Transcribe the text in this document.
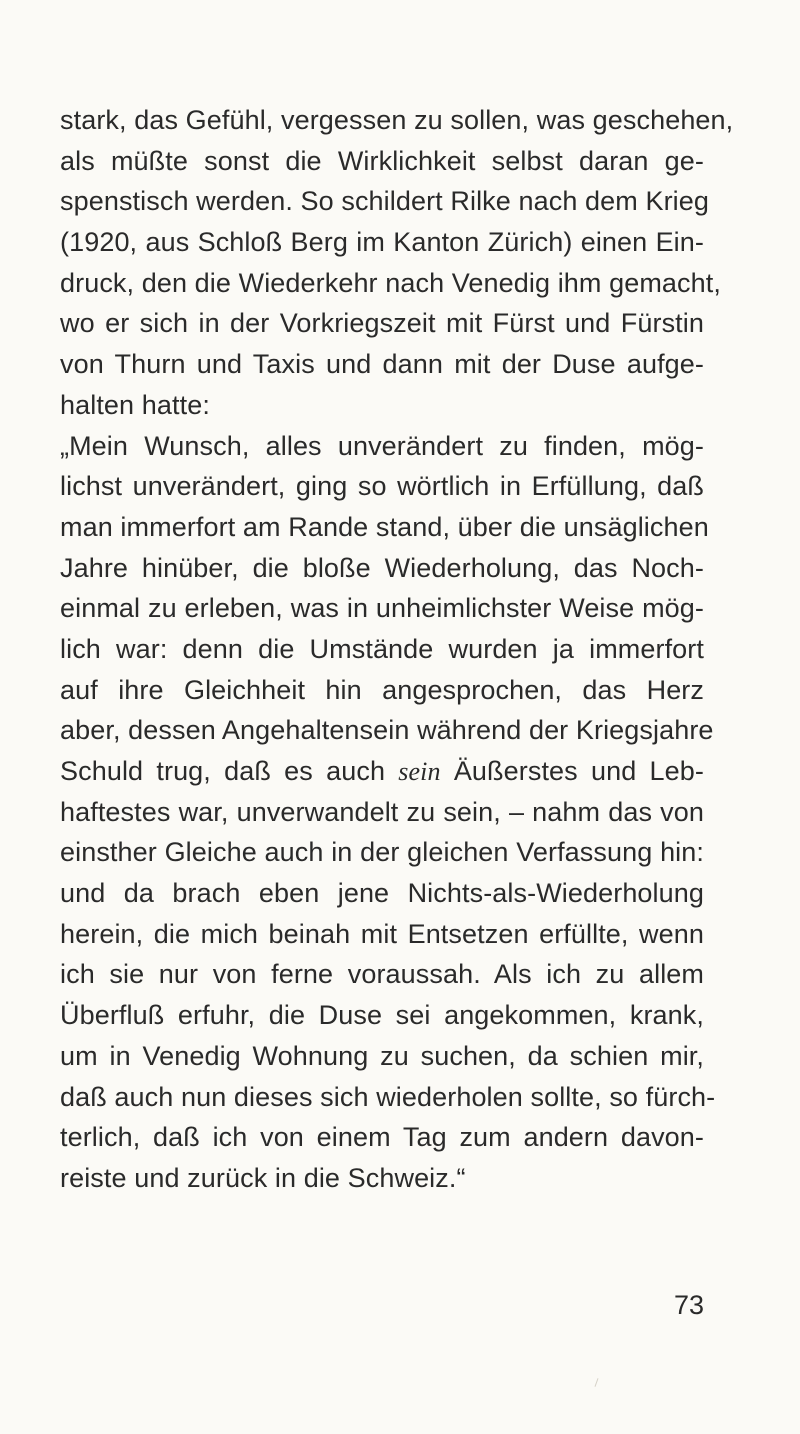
stark, das Gefühl, vergessen zu sollen, was geschehen,
als müßte sonst die Wirklichkeit selbst daran ge-
spenstisch werden. So schildert Rilke nach dem Krieg
(1920, aus Schloß Berg im Kanton Zürich) einen Ein-
druck, den die Wiederkehr nach Venedig ihm gemacht,
wo er sich in der Vorkriegszeit mit Fürst und Fürstin
von Thurn und Taxis und dann mit der Duse aufge-
halten hatte:
„Mein Wunsch, alles unverändert zu finden, mög-
lichst unverändert, ging so wörtlich in Erfüllung, daß
man immerfort am Rande stand, über die unsäglichen
Jahre hinüber, die bloße Wiederholung, das Noch-
einmal zu erleben, was in unheimlichster Weise mög-
lich war: denn die Umstände wurden ja immerfort
auf ihre Gleichheit hin angesprochen, das Herz
aber, dessen Angehaltensein während der Kriegsjahre
Schuld trug, daß es auch sein Äußerstes und Leb-
haftestes war, unverwandelt zu sein, – nahm das von
einsther Gleiche auch in der gleichen Verfassung hin:
und da brach eben jene Nichts-als-Wiederholung
herein, die mich beinah mit Entsetzen erfüllte, wenn
ich sie nur von ferne voraussah. Als ich zu allem
Überfluß erfuhr, die Duse sei angekommen, krank,
um in Venedig Wohnung zu suchen, da schien mir,
daß auch nun dieses sich wiederholen sollte, so fürch-
terlich, daß ich von einem Tag zum andern davon-
reiste und zurück in die Schweiz.“
73
